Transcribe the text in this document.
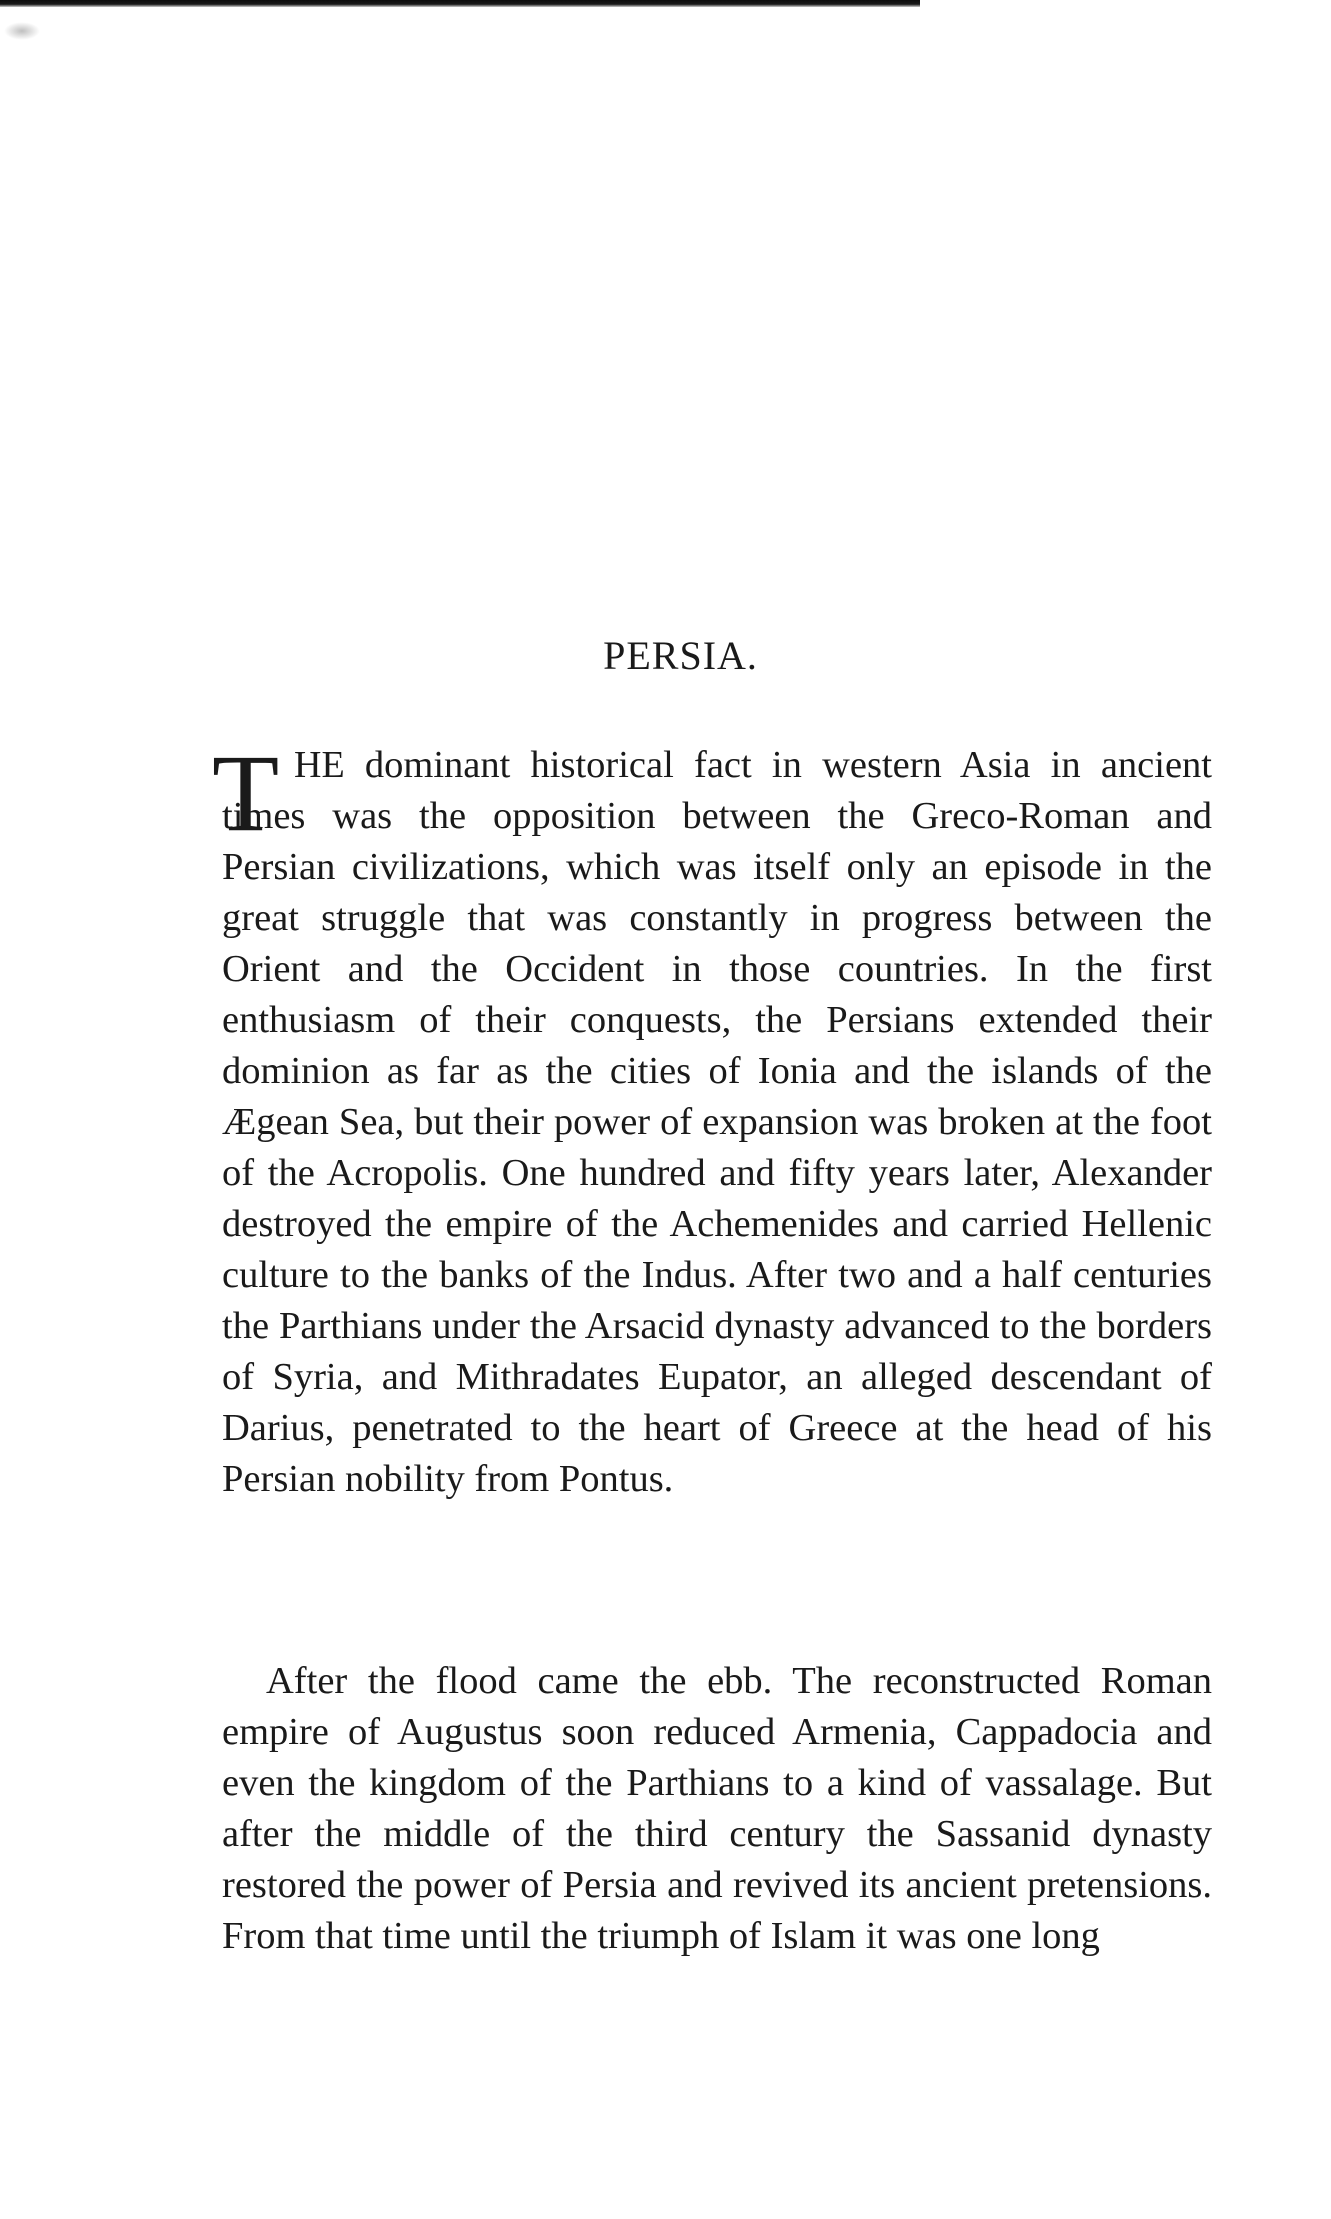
PERSIA.
T HE dominant historical fact in western Asia in ancient times was the opposition between the Greco-Roman and Persian civilizations, which was itself only an episode in the great struggle that was constantly in progress between the Orient and the Occident in those countries. In the first enthusiasm of their conquests, the Persians extended their dominion as far as the cities of Ionia and the islands of the Ægean Sea, but their power of expansion was broken at the foot of the Acropolis. One hundred and fifty years later, Alexander destroyed the empire of the Achemenides and carried Hellenic culture to the banks of the Indus. After two and a half centuries the Parthians under the Arsacid dynasty advanced to the borders of Syria, and Mithradates Eupator, an alleged descendant of Darius, penetrated to the heart of Greece at the head of his Persian nobility from Pontus.

After the flood came the ebb. The reconstructed Roman empire of Augustus soon reduced Armenia, Cappadocia and even the kingdom of the Parthians to a kind of vassalage. But after the middle of the third century the Sassanid dynasty restored the power of Persia and revived its ancient pretensions. From that time until the triumph of Islam it was one long
